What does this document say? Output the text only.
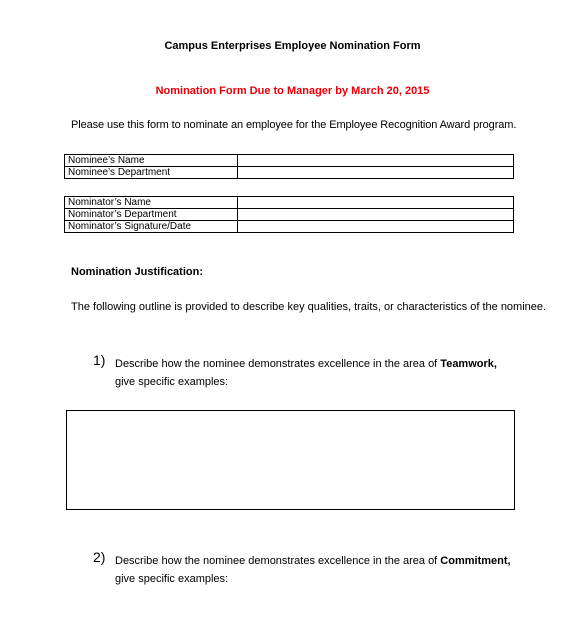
Campus Enterprises Employee Nomination Form
Nomination Form Due to Manager by March 20, 2015
Please use this form to nominate an employee for the Employee Recognition Award program.
Nominee’s Name	
Nominee’s Department	
Nominator’s Name	
Nominator’s Department	
Nominator’s Signature/Date	
Nomination Justification:
The following outline is provided to describe key qualities, traits, or characteristics of the nominee.
1) Describe how the nominee demonstrates excellence in the area of Teamwork, give specific examples:
2) Describe how the nominee demonstrates excellence in the area of Commitment, give specific examples:
